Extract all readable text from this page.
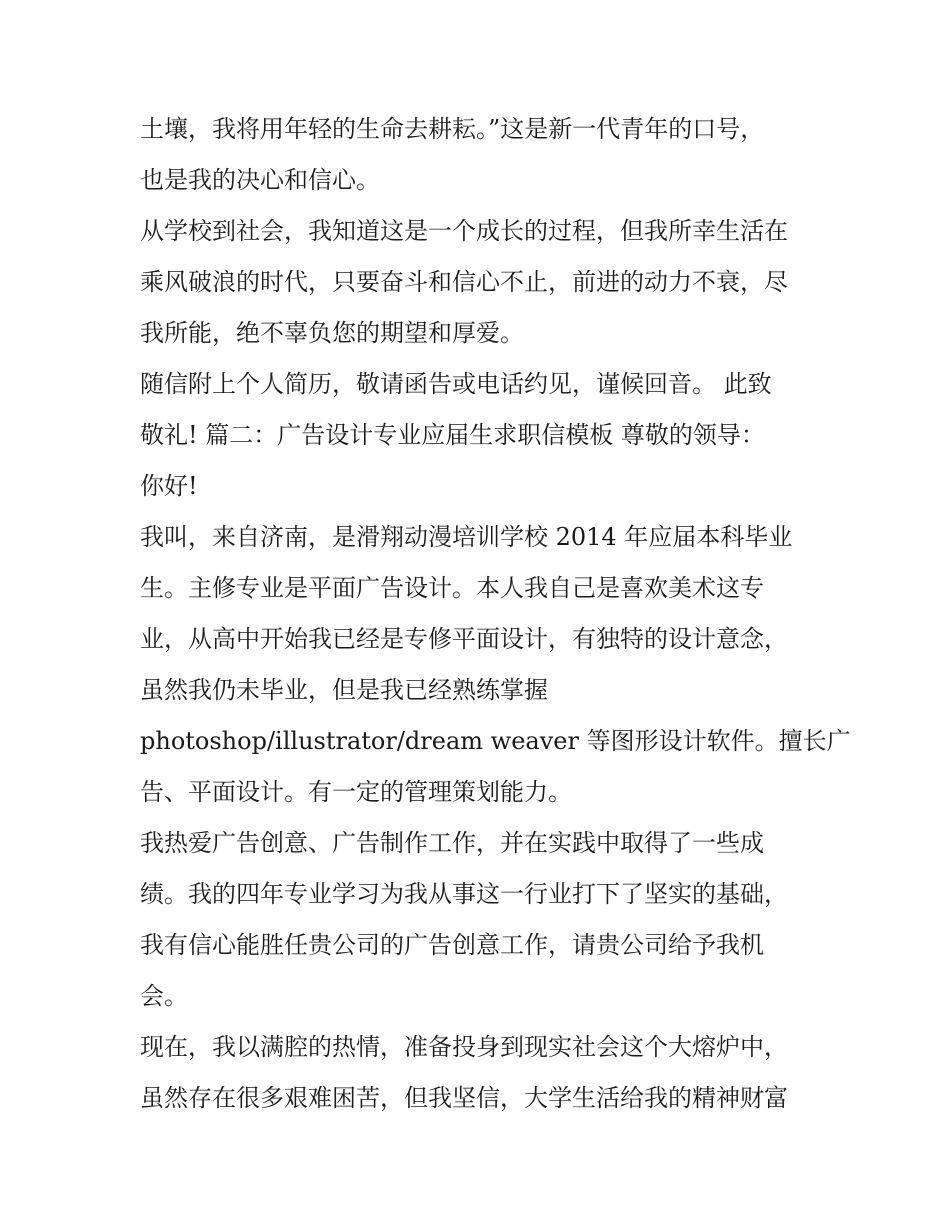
土壤，我将用年轻的生命去耕耘。”这是新一代青年的口号，
也是我的决心和信心。
从学校到社会，我知道这是一个成长的过程，但我所幸生活在
乘风破浪的时代，只要奋斗和信心不止，前进的动力不衰，尽
我所能，绝不辜负您的期望和厚爱。
随信附上个人简历，敬请函告或电话约见，谨候回音。 此致
敬礼! 篇二：广告设计专业应届生求职信模板 尊敬的领导：
你好!
我叫，来自济南，是滑翔动漫培训学校 2014 年应届本科毕业
生。主修专业是平面广告设计。本人我自己是喜欢美术这专
业，从高中开始我已经是专修平面设计，有独特的设计意念，
虽然我仍未毕业，但是我已经熟练掌握
photoshop/illustrator/dream weaver 等图形设计软件。擅长广
告、平面设计。有一定的管理策划能力。
我热爱广告创意、广告制作工作，并在实践中取得了一些成
绩。我的四年专业学习为我从事这一行业打下了坚实的基础，
我有信心能胜任贵公司的广告创意工作，请贵公司给予我机
会。
现在，我以满腔的热情，准备投身到现实社会这个大熔炉中，
虽然存在很多艰难困苦，但我坚信，大学生活给我的精神财富
